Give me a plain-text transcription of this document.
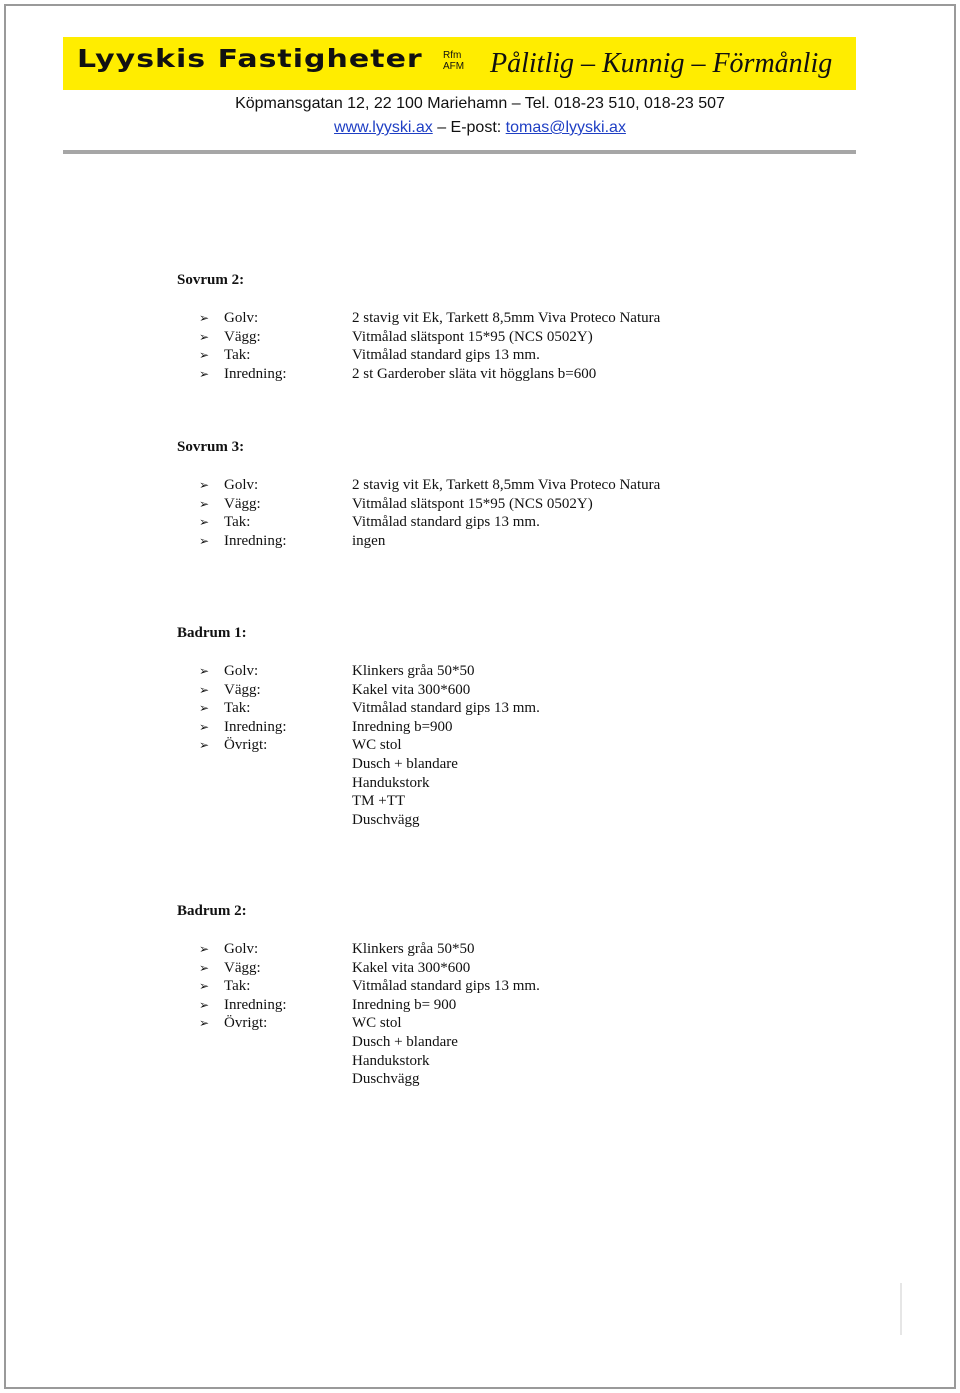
Lyyskis Fastigheter Rfm
AFM Pålitlig – Kunnig – Förmånlig
Köpmansgatan 12, 22 100 Mariehamn – Tel. 018-23 510, 018-23 507
www.lyyski.ax – E-post: tomas@lyyski.ax
Sovrum 2:
➢ Golv:	2 stavig vit Ek, Tarkett 8,5mm Viva Proteco Natura
➢ Vägg:	Vitmålad slätspont 15*95 (NCS 0502Y)
➢ Tak:	Vitmålad standard gips 13 mm.
➢ Inredning:	2 st Garderober släta vit högglans b=600
Sovrum 3:
➢ Golv:	2 stavig vit Ek, Tarkett 8,5mm Viva Proteco Natura
➢ Vägg:	Vitmålad slätspont 15*95 (NCS 0502Y)
➢ Tak:	Vitmålad standard gips 13 mm.
➢ Inredning:	ingen
Badrum 1:
➢ Golv:	Klinkers gråa 50*50
➢ Vägg:	Kakel vita 300*600
➢ Tak:	Vitmålad standard gips 13 mm.
➢ Inredning:	Inredning b=900
➢ Övrigt:	WC stol
Dusch + blandare
Handukstork
TM +TT
Duschvägg
Badrum 2:
➢ Golv:	Klinkers gråa 50*50
➢ Vägg:	Kakel vita 300*600
➢ Tak:	Vitmålad standard gips 13 mm.
➢ Inredning:	Inredning b= 900
➢ Övrigt:	WC stol
Dusch + blandare
Handukstork
Duschvägg
